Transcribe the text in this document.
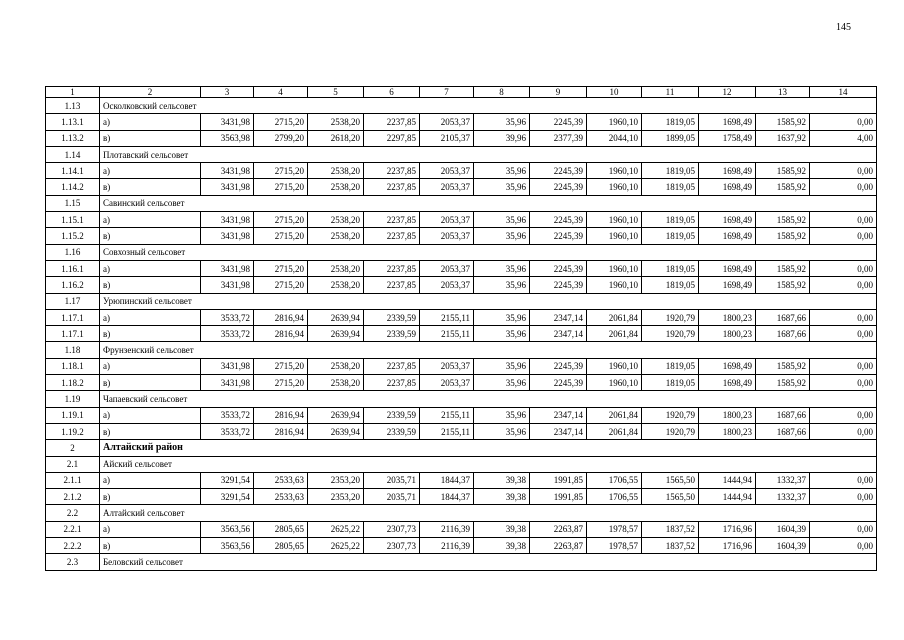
145
1	2	3	4	5	6	7	8	9	10	11	12	13	14
1.13	Осколковский сельсовет												
1.13.1	а)	3431,98	2715,20	2538,20	2237,85	2053,37	35,96	2245,39	1960,10	1819,05	1698,49	1585,92	0,00
1.13.2	в)	3563,98	2799,20	2618,20	2297,85	2105,37	39,96	2377,39	2044,10	1899,05	1758,49	1637,92	4,00
1.14	Плотавский сельсовет												
1.14.1	а)	3431,98	2715,20	2538,20	2237,85	2053,37	35,96	2245,39	1960,10	1819,05	1698,49	1585,92	0,00
1.14.2	в)	3431,98	2715,20	2538,20	2237,85	2053,37	35,96	2245,39	1960,10	1819,05	1698,49	1585,92	0,00
1.15	Савинский сельсовет												
1.15.1	а)	3431,98	2715,20	2538,20	2237,85	2053,37	35,96	2245,39	1960,10	1819,05	1698,49	1585,92	0,00
1.15.2	в)	3431,98	2715,20	2538,20	2237,85	2053,37	35,96	2245,39	1960,10	1819,05	1698,49	1585,92	0,00
1.16	Совхозный сельсовет												
1.16.1	а)	3431,98	2715,20	2538,20	2237,85	2053,37	35,96	2245,39	1960,10	1819,05	1698,49	1585,92	0,00
1.16.2	в)	3431,98	2715,20	2538,20	2237,85	2053,37	35,96	2245,39	1960,10	1819,05	1698,49	1585,92	0,00
1.17	Урюпинский сельсовет												
1.17.1	а)	3533,72	2816,94	2639,94	2339,59	2155,11	35,96	2347,14	2061,84	1920,79	1800,23	1687,66	0,00
1.17.1	в)	3533,72	2816,94	2639,94	2339,59	2155,11	35,96	2347,14	2061,84	1920,79	1800,23	1687,66	0,00
1.18	Фрунзенский сельсовет												
1.18.1	а)	3431,98	2715,20	2538,20	2237,85	2053,37	35,96	2245,39	1960,10	1819,05	1698,49	1585,92	0,00
1.18.2	в)	3431,98	2715,20	2538,20	2237,85	2053,37	35,96	2245,39	1960,10	1819,05	1698,49	1585,92	0,00
1.19	Чапаевский сельсовет												
1.19.1	а)	3533,72	2816,94	2639,94	2339,59	2155,11	35,96	2347,14	2061,84	1920,79	1800,23	1687,66	0,00
1.19.2	в)	3533,72	2816,94	2639,94	2339,59	2155,11	35,96	2347,14	2061,84	1920,79	1800,23	1687,66	0,00
2	Алтайский район												
2.1	Айский сельсовет												
2.1.1	а)	3291,54	2533,63	2353,20	2035,71	1844,37	39,38	1991,85	1706,55	1565,50	1444,94	1332,37	0,00
2.1.2	в)	3291,54	2533,63	2353,20	2035,71	1844,37	39,38	1991,85	1706,55	1565,50	1444,94	1332,37	0,00
2.2	Алтайский сельсовет												
2.2.1	а)	3563,56	2805,65	2625,22	2307,73	2116,39	39,38	2263,87	1978,57	1837,52	1716,96	1604,39	0,00
2.2.2	в)	3563,56	2805,65	2625,22	2307,73	2116,39	39,38	2263,87	1978,57	1837,52	1716,96	1604,39	0,00
2.3	Беловский сельсовет												
